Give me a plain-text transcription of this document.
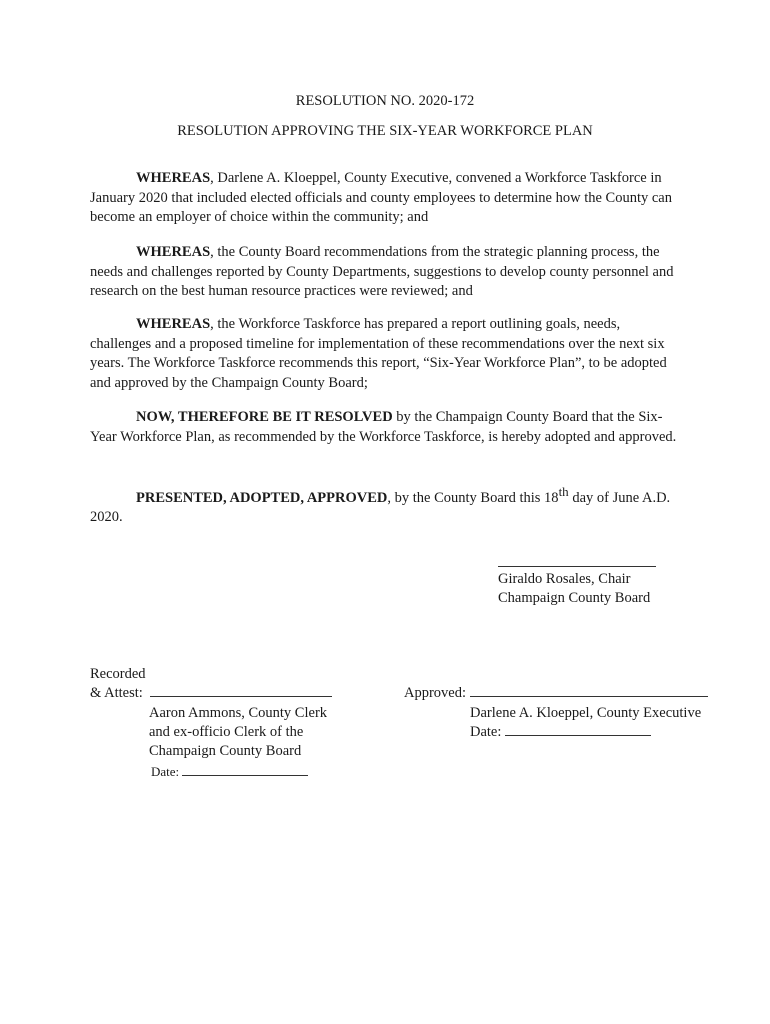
RESOLUTION NO. 2020-172
RESOLUTION APPROVING THE SIX-YEAR WORKFORCE PLAN

WHEREAS, Darlene A. Kloeppel, County Executive, convened a Workforce Taskforce in January 2020 that included elected officials and county employees to determine how the County can become an employer of choice within the community; and

WHEREAS, the County Board recommendations from the strategic planning process, the needs and challenges reported by County Departments, suggestions to develop county personnel and research on the best human resource practices were reviewed; and

WHEREAS, the Workforce Taskforce has prepared a report outlining goals, needs, challenges and a proposed timeline for implementation of these recommendations over the next six years. The Workforce Taskforce recommends this report, “Six-Year Workforce Plan”, to be adopted and approved by the Champaign County Board;

NOW, THEREFORE BE IT RESOLVED by the Champaign County Board that the Six-Year Workforce Plan, as recommended by the Workforce Taskforce, is hereby adopted and approved.

PRESENTED, ADOPTED, APPROVED, by the County Board this 18th day of June A.D. 2020.

Giraldo Rosales, Chair
Champaign County Board
Recorded
& Attest:
Aaron Ammons, County Clerk
and ex-officio Clerk of the
Champaign County Board
Date:
Approved:
Darlene A. Kloeppel, County Executive
Date:
